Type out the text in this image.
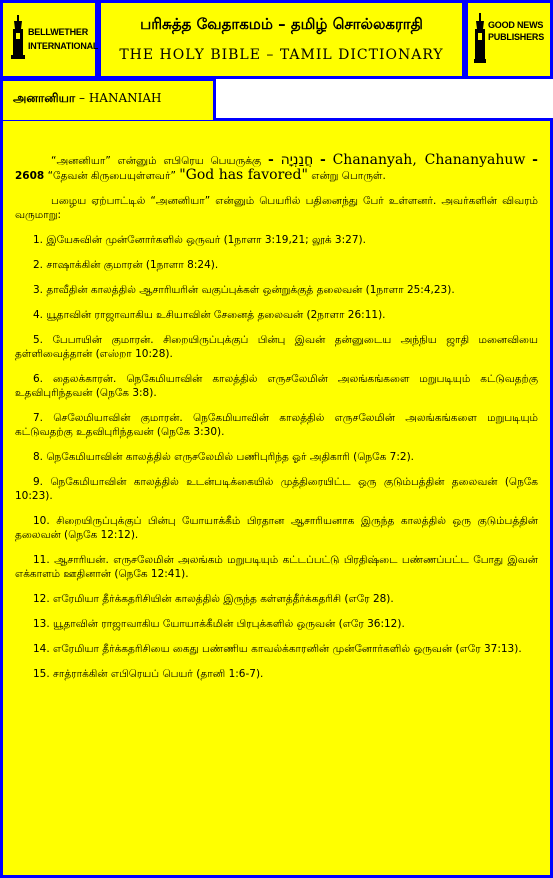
BELLWETHER
INTERNATIONAL
பரிசுத்த வேதாகமம் – தமிழ் சொல்லகராதி
THE HOLY BIBLE – TAMIL DICTIONARY
GOOD NEWS
PUBLISHERS
அனானியா – HANANIAH

“அனனியா” என்னும் எபிரெய பெயருக்கு - חֲנַנְיָה - Chananyah, Chananyahuw - 2608 “தேவன் கிருபையுள்ளவர்” "God has favored" என்று பொருள்.

பழைய ஏற்பாட்டில் “அனனியா” என்னும் பெயரில் பதினைந்து பேர் உள்ளனர். அவர்களின் விவரம் வருமாறு:

1. இயேசுவின் முன்னோர்களில் ஒருவர் (1நாளா 3:19,21; லூக் 3:27).

2. சாஷாக்கின் குமாரன் (1நாளா 8:24).

3. தாவீதின் காலத்தில் ஆசாரியரின் வகுப்புக்கள் ஒன்றுக்குத் தலைவன் (1நாளா 25:4,23).

4. யூதாவின் ராஜாவாகிய உசியாவின் சேனைத் தலைவன் (2நாளா 26:11).

5. பேபாயின் குமாரன். சிறையிருப்புக்குப் பின்பு இவன் தன்னுடைய அந்நிய ஜாதி மனைவியை தள்ளிவைத்தான் (எஸ்றா 10:28).

6. தைலக்காரன். நெகேமியாவின் காலத்தில் எருசலேமின் அலங்கங்களை மறுபடியும் கட்டுவதற்கு உதவிபுரிந்தவன் (நெகே 3:8).

7. செலேமியாவின் குமாரன். நெகேமியாவின் காலத்தில் எருசலேமின் அலங்கங்களை மறுபடியும் கட்டுவதற்கு உதவிபுரிந்தவன் (நெகே 3:30).

8. நெகேமியாவின் காலத்தில் எருசலேமில் பணிபுரிந்த ஓர் அதிகாரி (நெகே 7:2).

9. நெகேமியாவின் காலத்தில் உடன்படிக்கையில் முத்திரையிட்ட ஒரு குடும்பத்தின் தலைவன் (நெகே 10:23).

10. சிறையிருப்புக்குப் பின்பு யோயாக்கீம் பிரதான ஆசாரியனாக இருந்த காலத்தில் ஒரு குடும்பத்தின் தலைவன் (நெகே 12:12).

11. ஆசாரியன். எருசலேமின் அலங்கம் மறுபடியும் கட்டப்பட்டு பிரதிஷ்டை பண்ணப்பட்ட போது இவன் எக்காளம் ஊதினான் (நெகே 12:41).

12. எரேமியா தீர்க்கதரிசியின் காலத்தில் இருந்த கள்ளத்தீர்க்கதரிசி (எரே 28).

13. யூதாவின் ராஜாவாகிய யோயாக்கீமின் பிரபுக்களில் ஒருவன் (எரே 36:12).

14. எரேமியா தீர்க்கதரிசியை கைது பண்ணிய காவல்க்காரனின் முன்னோர்களில் ஒருவன் (எரே 37:13).

15. சாத்ராக்கின் எபிரெயப் பெயர் (தானி 1:6-7).
